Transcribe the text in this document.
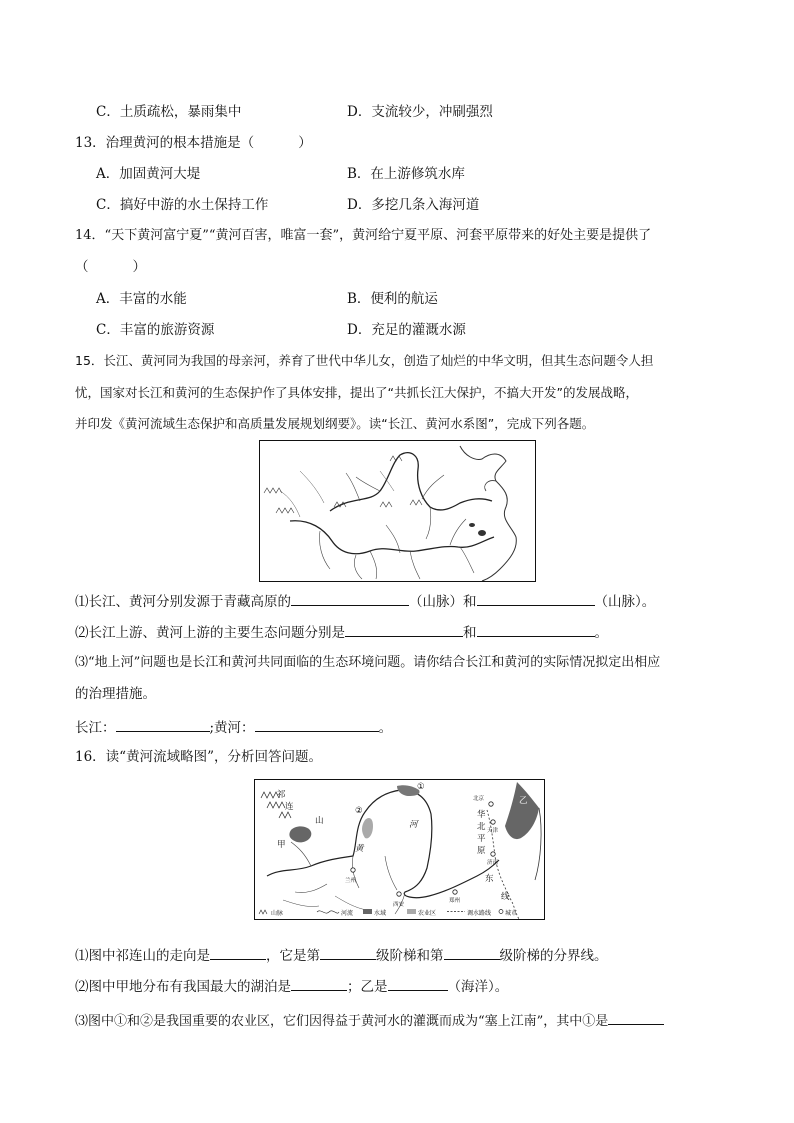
C．土质疏松，暴雨集中	D．支流较少，冲刷强烈
13．治理黄河的根本措施是（	）
A．加固黄河大堤	B．在上游修筑水库
C．搞好中游的水土保持工作	D．多挖几条入海河道
14．“天下黄河富宁夏”“黄河百害，唯富一套”，黄河给宁夏平原、河套平原带来的好处主要是提供了
（	）
A．丰富的水能	B．便利的航运
C．丰富的旅游资源	D．充足的灌溉水源
15．长江、黄河同为我国的母亲河，养育了世代中华儿女，创造了灿烂的中华文明，但其生态问题令人担
忧，国家对长江和黄河的生态保护作了具体安排，提出了“共抓长江大保护，不搞大开发”的发展战略，
并印发《黄河流域生态保护和高质量发展规划纲要》。读“长江、黄河水系图”，完成下列各题。
⑴长江、黄河分别发源于青藏高原的	（山脉）和	（山脉）。
⑵长江上游、黄河上游的主要生态问题分别是	和	。
⑶“地上河”问题也是长江和黄河共同面临的生态环境问题。请你结合长江和黄河的实际情况拟定出相应
的治理措施。
长江：	;黄河：	。
16．读“黄河流域略图”，分析回答问题。
祁
连
山
甲
①
②
河
黄
北京
天津
华
北
平
原
济南
乙
兰州
西安
郑州
东
线
山脉	河流	水域	农业区	调水路线 城市
⑴图中祁连山的走向是	，它是第	级阶梯和第	级阶梯的分界线。
⑵图中甲地分布有我国最大的湖泊是	；乙是	（海洋）。
⑶图中①和②是我国重要的农业区，它们因得益于黄河水的灌溉而成为“塞上江南”，其中①是
